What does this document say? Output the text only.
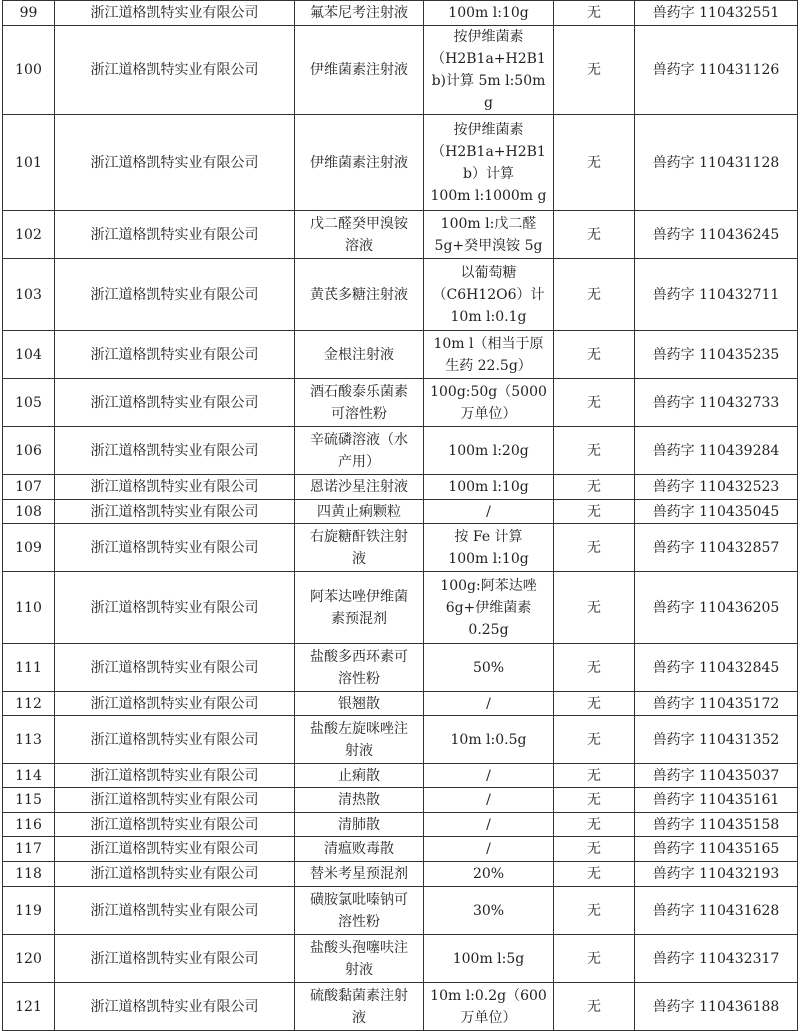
99	浙江道格凯特实业有限公司	氟苯尼考注射液	100m l:10g	无	兽药字 110432551
100	浙江道格凯特实业有限公司	伊维菌素注射液	按伊维菌素
（H2B1a+H2B1
b)计算 5m l:50m g	无	兽药字 110431126
101	浙江道格凯特实业有限公司	伊维菌素注射液	按伊维菌素
（H2B1a+H2B1
b）计算
100m l:1000m g	无	兽药字 110431128
102	浙江道格凯特实业有限公司	戊二醛癸甲溴铵
溶液	100m l:戊二醛
5g+癸甲溴铵 5g	无	兽药字 110436245
103	浙江道格凯特实业有限公司	黄芪多糖注射液	以葡萄糖
（C6H12O6）计
10m l:0.1g	无	兽药字 110432711
104	浙江道格凯特实业有限公司	金根注射液	10m l（相当于原
生药 22.5g）	无	兽药字 110435235
105	浙江道格凯特实业有限公司	酒石酸泰乐菌素
可溶性粉	100g:50g（5000
万单位）	无	兽药字 110432733
106	浙江道格凯特实业有限公司	辛硫磷溶液（水
产用）	100m l:20g	无	兽药字 110439284
107	浙江道格凯特实业有限公司	恩诺沙星注射液	100m l:10g	无	兽药字 110432523
108	浙江道格凯特实业有限公司	四黄止痢颗粒	/	无	兽药字 110435045
109	浙江道格凯特实业有限公司	右旋糖酐铁注射
液	按 Fe 计算
100m l:10g	无	兽药字 110432857
110	浙江道格凯特实业有限公司	阿苯达唑伊维菌
素预混剂	100g:阿苯达唑
6g+伊维菌素
0.25g	无	兽药字 110436205
111	浙江道格凯特实业有限公司	盐酸多西环素可
溶性粉	50%	无	兽药字 110432845
112	浙江道格凯特实业有限公司	银翘散	/	无	兽药字 110435172
113	浙江道格凯特实业有限公司	盐酸左旋咪唑注
射液	10m l:0.5g	无	兽药字 110431352
114	浙江道格凯特实业有限公司	止痢散	/	无	兽药字 110435037
115	浙江道格凯特实业有限公司	清热散	/	无	兽药字 110435161
116	浙江道格凯特实业有限公司	清肺散	/	无	兽药字 110435158
117	浙江道格凯特实业有限公司	清瘟败毒散	/	无	兽药字 110435165
118	浙江道格凯特实业有限公司	替米考星预混剂	20%	无	兽药字 110432193
119	浙江道格凯特实业有限公司	磺胺氯吡嗪钠可
溶性粉	30%	无	兽药字 110431628
120	浙江道格凯特实业有限公司	盐酸头孢噻呋注
射液	100m l:5g	无	兽药字 110432317
121	浙江道格凯特实业有限公司	硫酸黏菌素注射
液	10m l:0.2g（600
万单位）	无	兽药字 110436188
